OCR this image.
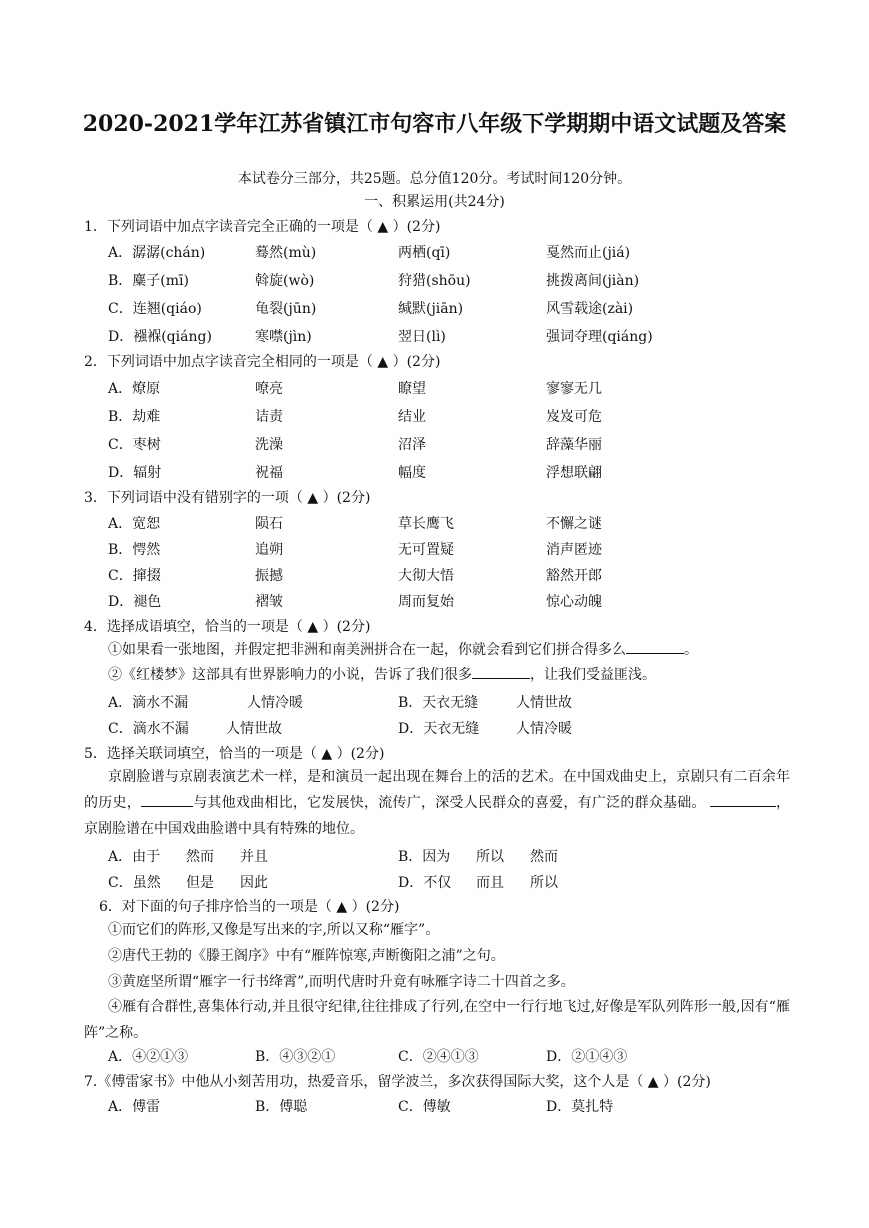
2020-2021学年江苏省镇江市句容市八年级下学期期中语文试题及答案
本试卷分三部分，共25题。总分值120分。考试时间120分钟。
一、积累运用(共24分)
1．下列词语中加点字读音完全正确的一项是（ ▲ ）(2分)
A．潺潺(chán)	蓦然(mù)	两栖(qī)	戛然而止(jiá)
B．麋子(mī)	斡旋(wò)	狩猎(shōu)	挑拨离间(jiàn)
C．连翘(qiáo)	龟裂(jūn)	缄默(jiān)	风雪载途(zài)
D．襁褓(qiáng)	寒噤(jìn)	翌日(lì)	强词夺理(qiáng)
2．下列词语中加点字读音完全相同的一项是（ ▲ ）(2分)
A．燎原	嘹亮	瞭望	寥寥无几
B．劫难	诘责	结业	岌岌可危
C．枣树	洗澡	沼泽	辞藻华丽
D．辐射	祝福	幅度	浮想联翩
3．下列词语中没有错别字的一项（ ▲ ）(2分)
A．宽恕	陨石	草长鹰飞	不懈之谜
B．愕然	追朔	无可置疑	消声匿迹
C．撺掇	振撼	大彻大悟	豁然开郎
D．褪色	褶皱	周而复始	惊心动魄
4．选择成语填空，恰当的一项是（ ▲ ）(2分)
①如果看一张地图，并假定把非洲和南美洲拼合在一起，你就会看到它们拼合得多么	。
②《红楼梦》这部具有世界影响力的小说，告诉了我们很多	，让我们受益匪浅。
A．滴水不漏	人情冷暖	B．天衣无缝	人情世故
C．滴水不漏	人情世故	D．天衣无缝	人情冷暖
5．选择关联词填空，恰当的一项是（ ▲ ）(2分)
京剧脸谱与京剧表演艺术一样，是和演员一起出现在舞台上的活的艺术。在中国戏曲史上，京剧只有二百余年的历史，	与其他戏曲相比，它发展快，流传广，深受人民群众的喜爱，有广泛的群众基础。	，京剧脸谱在中国戏曲脸谱中具有特殊的地位。
A．由于 然而 并且	B．因为 所以 然而
C．虽然 但是 因此	D．不仅 而且 所以
6．对下面的句子排序恰当的一项是（ ▲ ）(2分)
①而它们的阵形,又像是写出来的字,所以又称“雁字”。
②唐代王勃的《滕王阁序》中有“雁阵惊寒,声断衡阳之浦”之句。
③黄庭坚所谓“雁字一行书绛霄”,而明代唐时升竟有咏雁字诗二十四首之多。
④雁有合群性,喜集体行动,并且很守纪律,往往排成了行列,在空中一行行地飞过,好像是军队列阵形一般,因有“雁阵”之称。
A．④②①③	B．④③②①	C．②④①③	D．②①④③
7.《傅雷家书》中他从小刻苦用功，热爱音乐，留学波兰，多次获得国际大奖，这个人是（ ▲ ）(2分)
A．傅雷	B．傅聪	C．傅敏	D．莫扎特
